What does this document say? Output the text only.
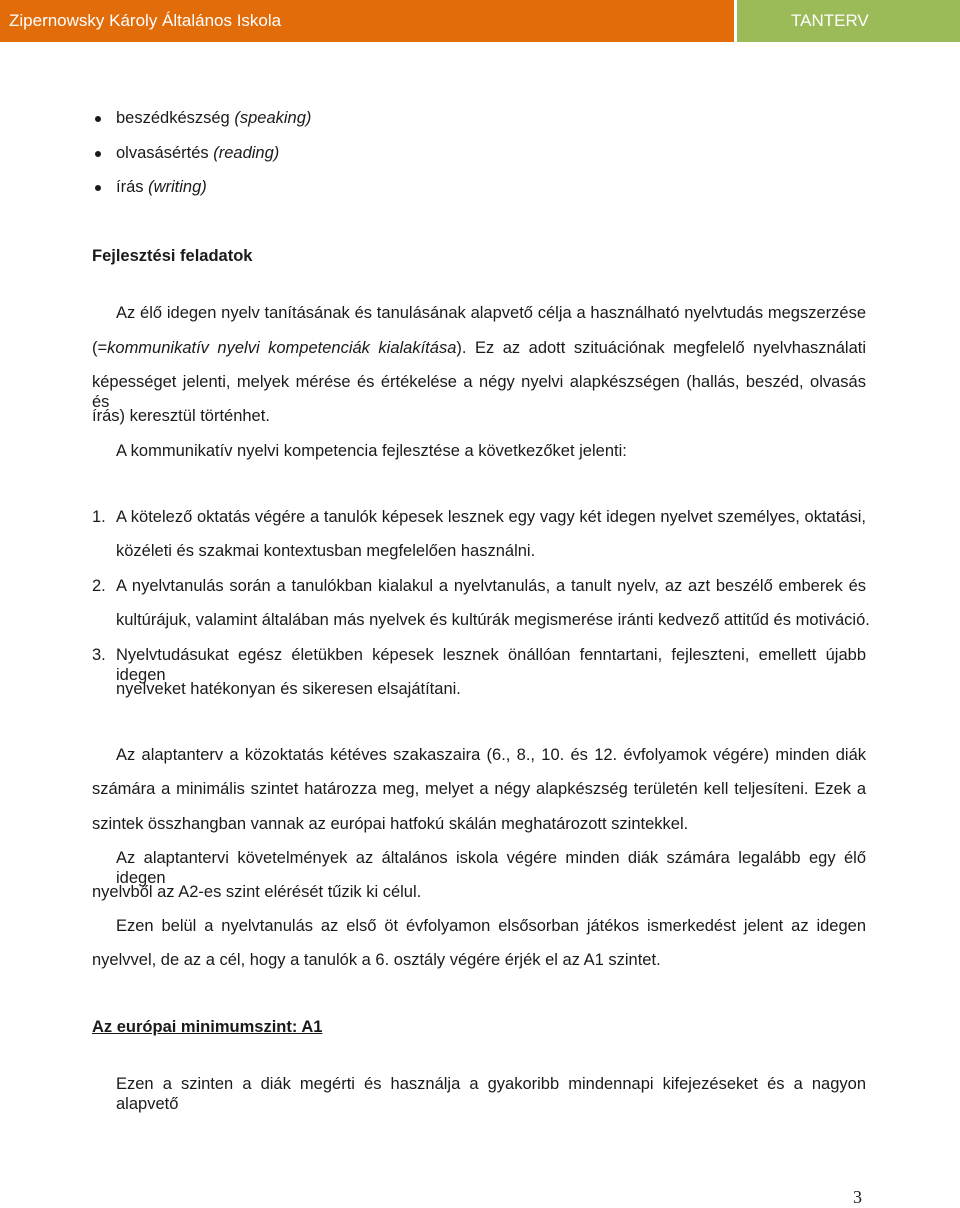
Zipernowsky Károly Általános Iskola	TANTERV
beszédkészség (speaking)
olvasásértés (reading)
írás (writing)
Fejlesztési feladatok
Az élő idegen nyelv tanításának és tanulásának alapvető célja a használható nyelvtudás megszerzése
(=kommunikatív nyelvi kompetenciák kialakítása). Ez az adott szituációnak megfelelő nyelvhasználati
képességet jelenti, melyek mérése és értékelése a négy nyelvi alapkészségen (hallás, beszéd, olvasás és
írás) keresztül történhet.
A kommunikatív nyelvi kompetencia fejlesztése a következőket jelenti:
1. A kötelező oktatás végére a tanulók képesek lesznek egy vagy két idegen nyelvet személyes, oktatási,
közéleti és szakmai kontextusban megfelelően használni.
2. A nyelvtanulás során a tanulókban kialakul a nyelvtanulás, a tanult nyelv, az azt beszélő emberek és
kultúrájuk, valamint általában más nyelvek és kultúrák megismerése iránti kedvező attitűd és motiváció.
3. Nyelvtudásukat egész életükben képesek lesznek önállóan fenntartani, fejleszteni, emellett újabb idegen
nyelveket hatékonyan és sikeresen elsajátítani.
Az alaptanterv a közoktatás kétéves szakaszaira (6., 8., 10. és 12. évfolyamok végére) minden diák
számára a minimális szintet határozza meg, melyet a négy alapkészség területén kell teljesíteni. Ezek a
szintek összhangban vannak az európai hatfokú skálán meghatározott szintekkel.
Az alaptantervi követelmények az általános iskola végére minden diák számára legalább egy élő idegen
nyelvből az A2-es szint elérését tűzik ki célul.
Ezen belül a nyelvtanulás az első öt évfolyamon elsősorban játékos ismerkedést jelent az idegen
nyelvvel, de az a cél, hogy a tanulók a 6. osztály végére érjék el az A1 szintet.
Az európai minimumszint: A1
Ezen a szinten a diák megérti és használja a gyakoribb mindennapi kifejezéseket és a nagyon alapvető
3
